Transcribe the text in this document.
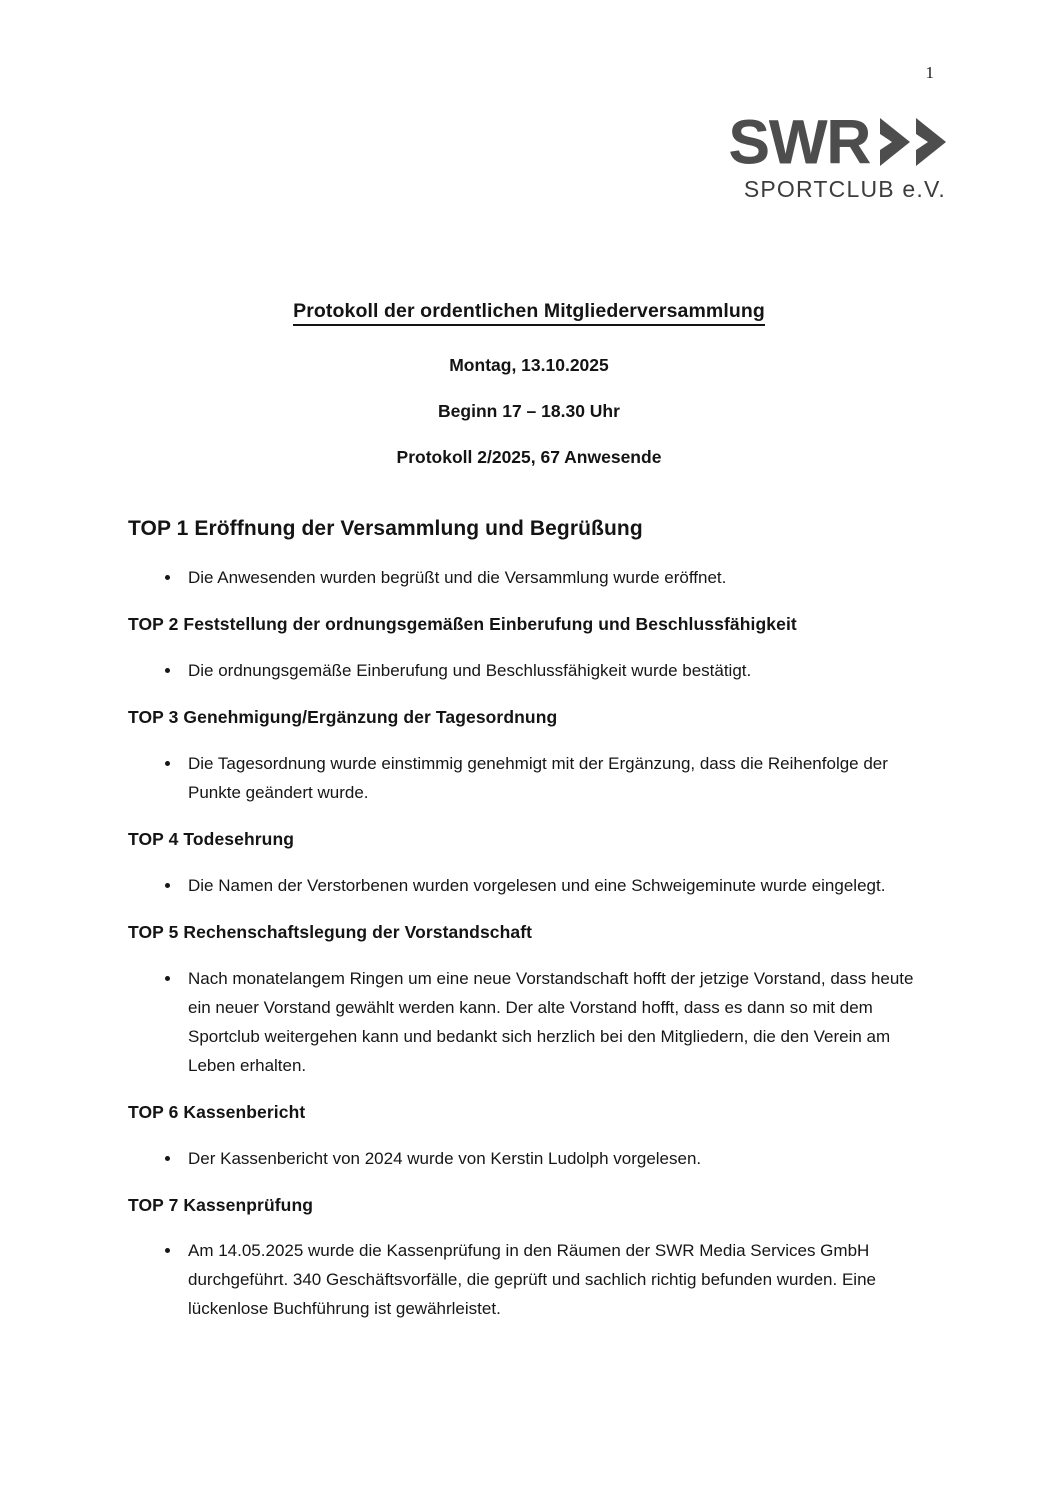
1
SWR
SPORTCLUB e.V.

Protokoll der ordentlichen Mitgliederversammlung

Montag, 13.10.2025

Beginn 17 – 18.30 Uhr

Protokoll 2/2025, 67 Anwesende

TOP 1 Eröffnung der Versammlung und Begrüßung
Die Anwesenden wurden begrüßt und die Versammlung wurde eröffnet.
TOP 2 Feststellung der ordnungsgemäßen Einberufung und Beschlussfähigkeit
Die ordnungsgemäße Einberufung und Beschlussfähigkeit wurde bestätigt.
TOP 3 Genehmigung/Ergänzung der Tagesordnung
Die Tagesordnung wurde einstimmig genehmigt mit der Ergänzung, dass die Reihenfolge der Punkte geändert wurde.
TOP 4 Todesehrung
Die Namen der Verstorbenen wurden vorgelesen und eine Schweigeminute wurde eingelegt.
TOP 5 Rechenschaftslegung der Vorstandschaft
Nach monatelangem Ringen um eine neue Vorstandschaft hofft der jetzige Vorstand, dass heute ein neuer Vorstand gewählt werden kann. Der alte Vorstand hofft, dass es dann so mit dem Sportclub weitergehen kann und bedankt sich herzlich bei den Mitgliedern, die den Verein am Leben erhalten.
TOP 6 Kassenbericht
Der Kassenbericht von 2024 wurde von Kerstin Ludolph vorgelesen.
TOP 7 Kassenprüfung
Am 14.05.2025 wurde die Kassenprüfung in den Räumen der SWR Media Services GmbH durchgeführt. 340 Geschäftsvorfälle, die geprüft und sachlich richtig befunden wurden. Eine lückenlose Buchführung ist gewährleistet.
